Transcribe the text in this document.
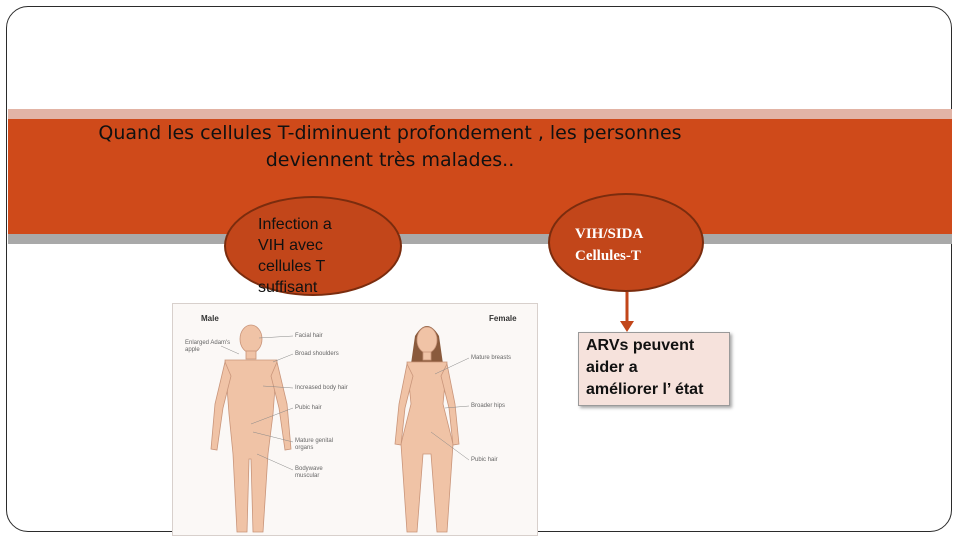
Quand les cellules T-diminuent profondement , les personnes
deviennent très malades..
Infection a
VIH avec
cellules T
suffisant
VIH/SIDA
Cellules-T
ARVs peuvent
aider a
améliorer l’ état
Male	Female
Enlarged Adam's apple
Facial hair
Broad shoulders
Increased body hair
Pubic hair
Mature genital organs
Bodywave muscular
Mature breasts
Broader hips
Pubic hair
